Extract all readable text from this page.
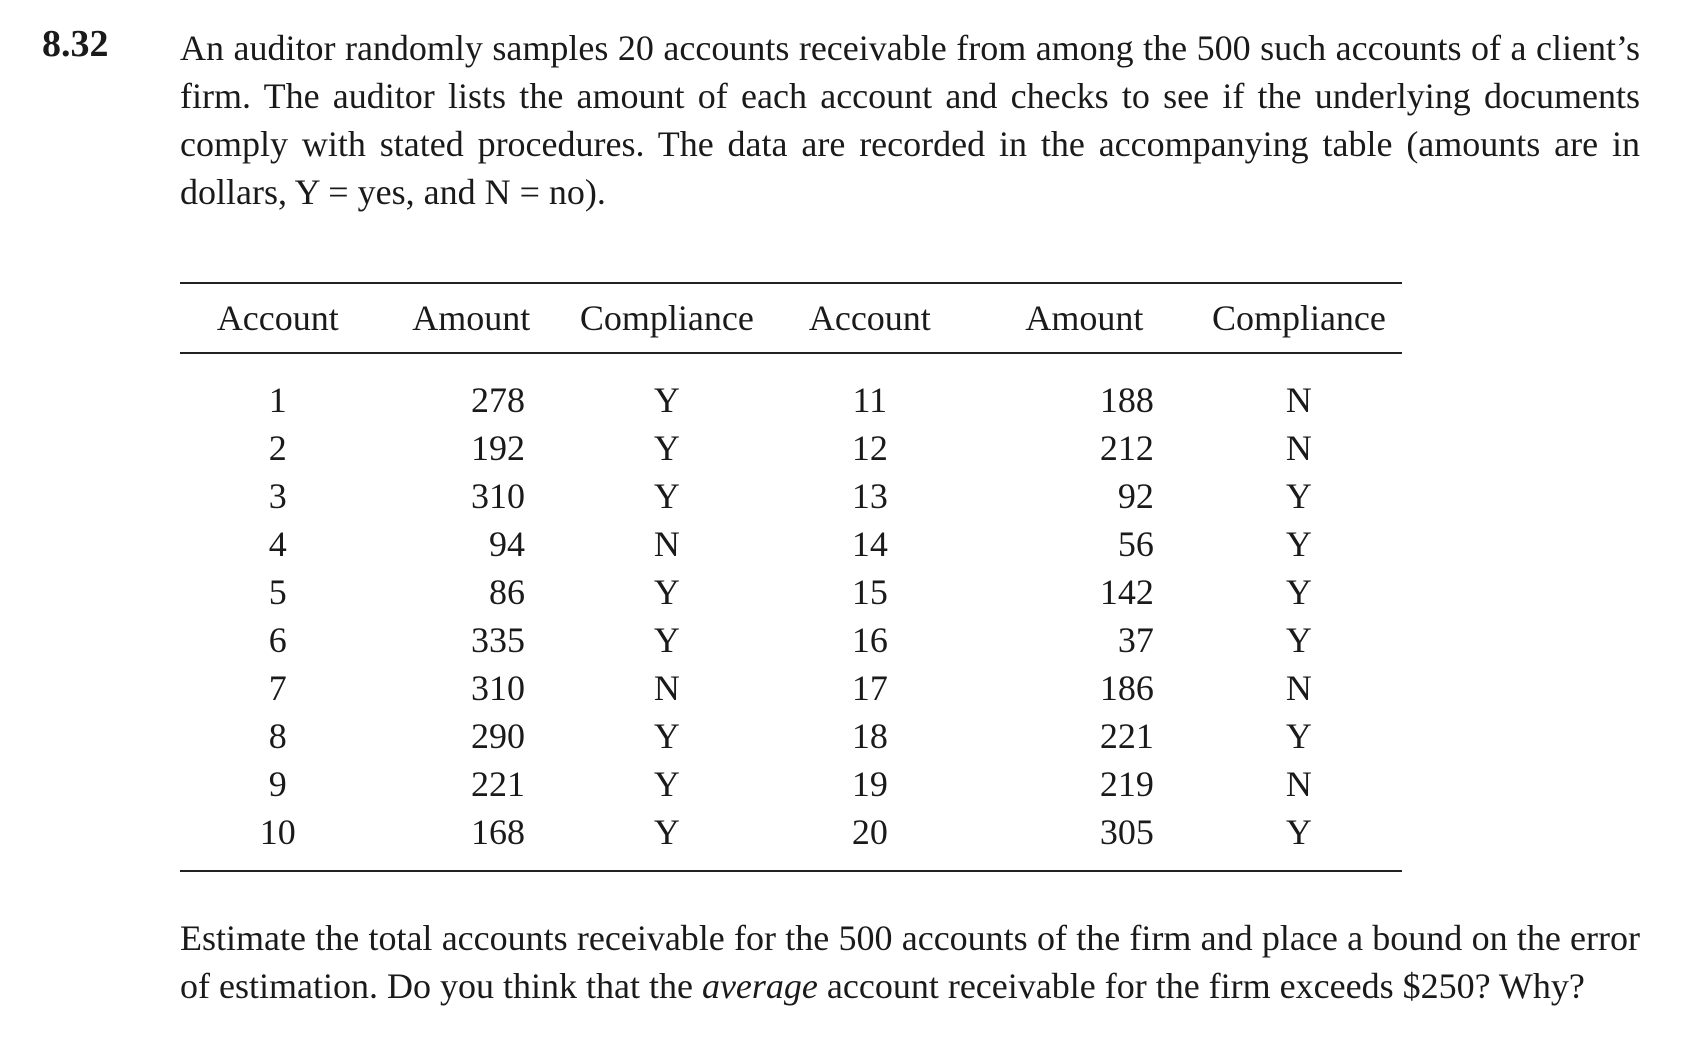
8.32 An auditor randomly samples 20 accounts receivable from among the 500 such accounts of a client’s firm. The auditor lists the amount of each account and checks to see if the underlying documents comply with stated procedures. The data are recorded in the accompanying table (amounts are in dollars, Y = yes, and N = no).
Account	Amount	Compliance	Account	Amount	Compliance
1	278	Y	11	188	N
2	192	Y	12	212	N
3	310	Y	13	92	Y
4	94	N	14	56	Y
5	86	Y	15	142	Y
6	335	Y	16	37	Y
7	310	N	17	186	N
8	290	Y	18	221	Y
9	221	Y	19	219	N
10	168	Y	20	305	Y
Estimate the total accounts receivable for the 500 accounts of the firm and place a bound on the error of estimation. Do you think that the average account receivable for the firm exceeds $250? Why?
